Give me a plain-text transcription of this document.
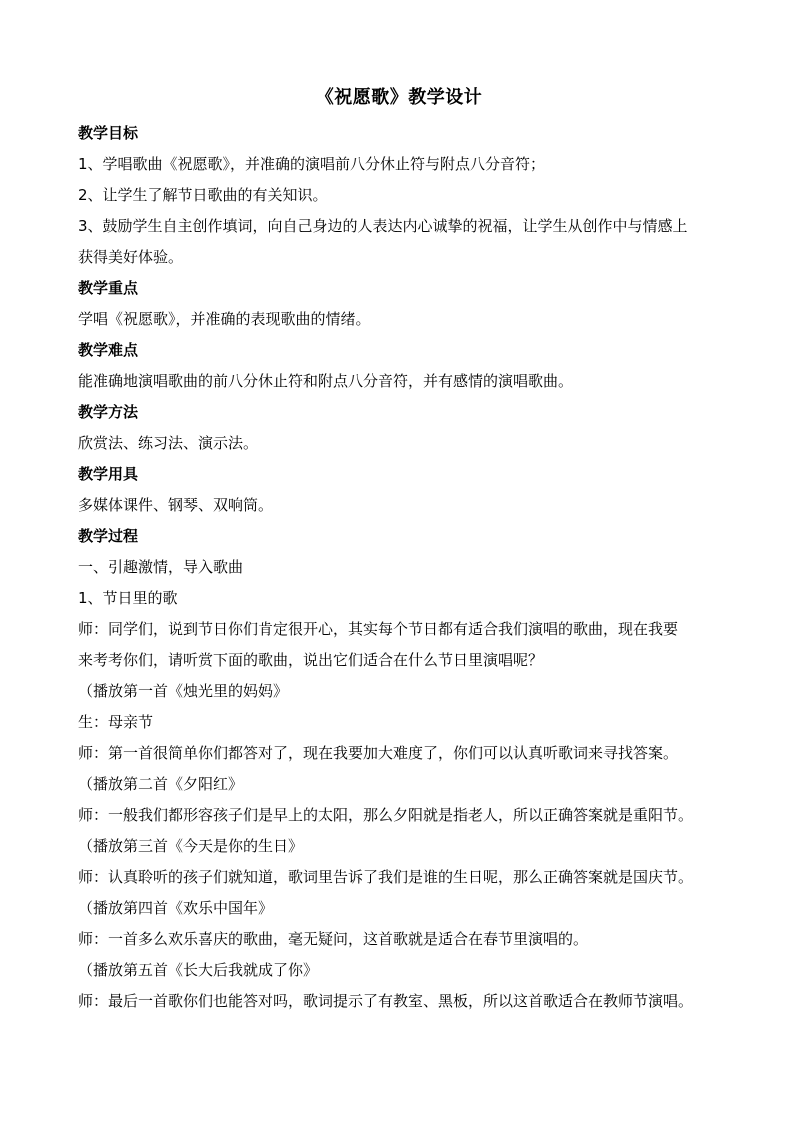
《祝愿歌》教学设计
教学目标
1、学唱歌曲《祝愿歌》，并准确的演唱前八分休止符与附点八分音符；
2、让学生了解节日歌曲的有关知识。
3、鼓励学生自主创作填词，向自己身边的人表达内心诚挚的祝福，让学生从创作中与情感上
获得美好体验。
教学重点
学唱《祝愿歌》，并准确的表现歌曲的情绪。
教学难点
能准确地演唱歌曲的前八分休止符和附点八分音符，并有感情的演唱歌曲。
教学方法
欣赏法、练习法、演示法。
教学用具
多媒体课件、钢琴、双响筒。
教学过程
一、引趣激情，导入歌曲
1、节日里的歌
师：同学们，说到节日你们肯定很开心，其实每个节日都有适合我们演唱的歌曲，现在我要
来考考你们，请听赏下面的歌曲，说出它们适合在什么节日里演唱呢？
（播放第一首《烛光里的妈妈》
生：母亲节
师：第一首很简单你们都答对了，现在我要加大难度了，你们可以认真听歌词来寻找答案。
（播放第二首《夕阳红》
师：一般我们都形容孩子们是早上的太阳，那么夕阳就是指老人，所以正确答案就是重阳节。
（播放第三首《今天是你的生日》
师：认真聆听的孩子们就知道，歌词里告诉了我们是谁的生日呢，那么正确答案就是国庆节。
（播放第四首《欢乐中国年》
师：一首多么欢乐喜庆的歌曲，毫无疑问，这首歌就是适合在春节里演唱的。
（播放第五首《长大后我就成了你》
师：最后一首歌你们也能答对吗，歌词提示了有教室、黑板，所以这首歌适合在教师节演唱。
